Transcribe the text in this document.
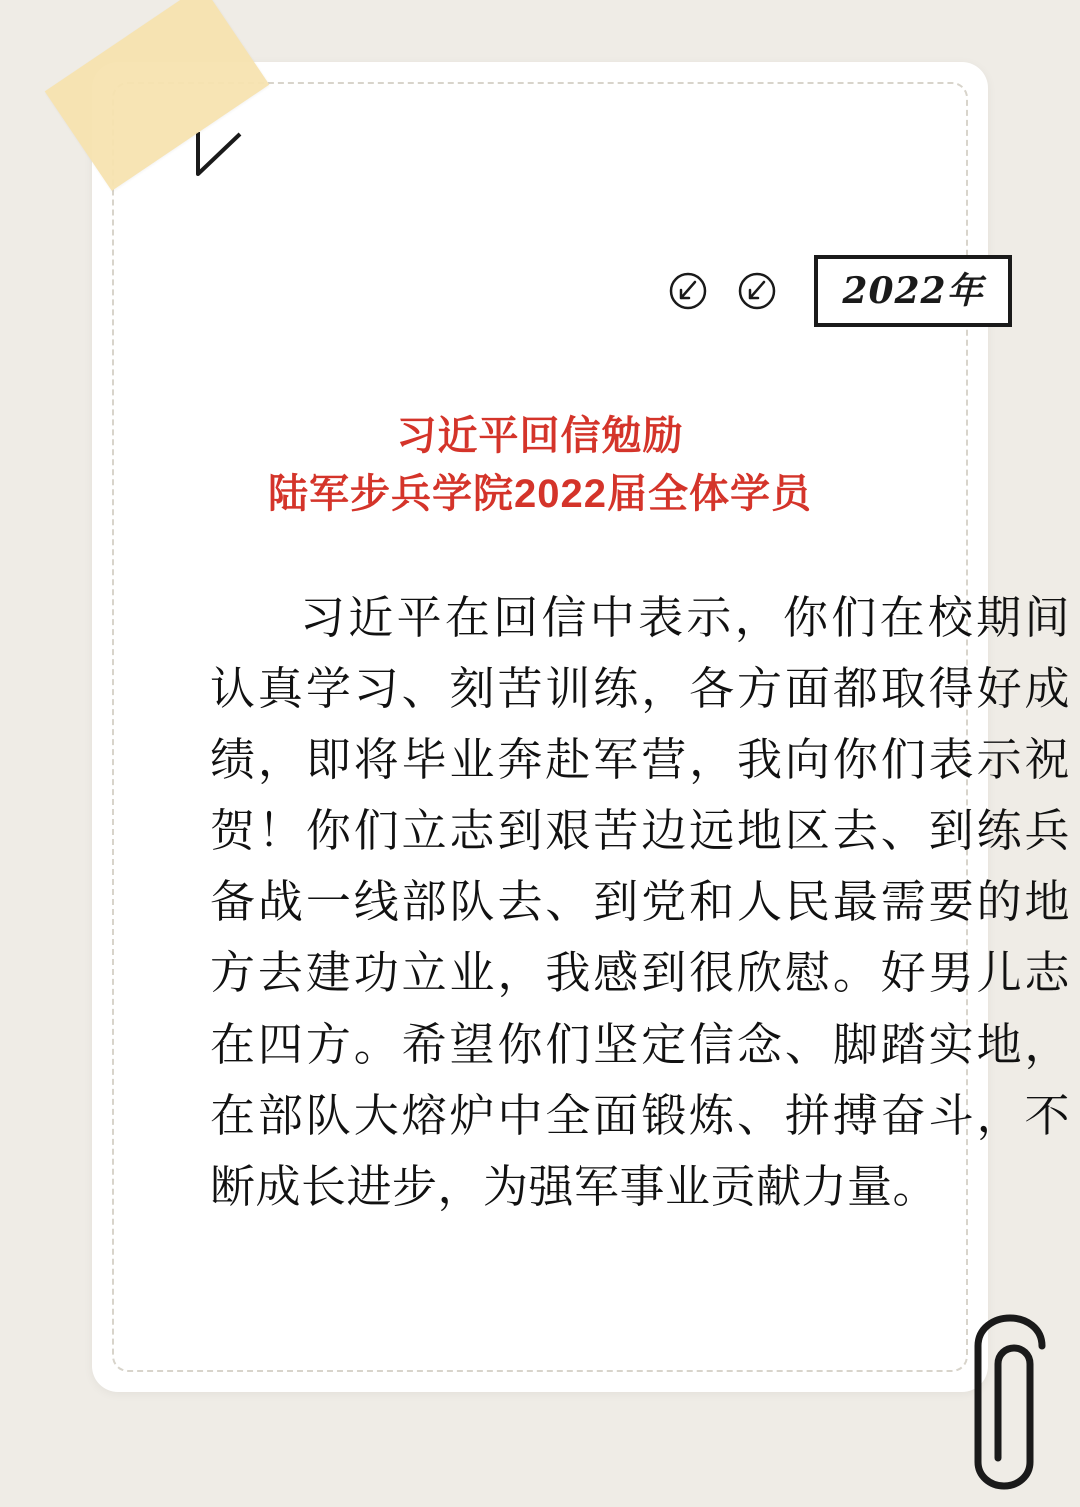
2022年
习近平回信勉励
陆军步兵学院2022届全体学员
习近平在回信中表示，你们在校期间认真学习、刻苦训练，各方面都取得好成绩，即将毕业奔赴军营，我向你们表示祝贺！你们立志到艰苦边远地区去、到练兵备战一线部队去、到党和人民最需要的地方去建功立业，我感到很欣慰。好男儿志在四方。希望你们坚定信念、脚踏实地，在部队大熔炉中全面锻炼、拼搏奋斗，不断成长进步，为强军事业贡献力量。
